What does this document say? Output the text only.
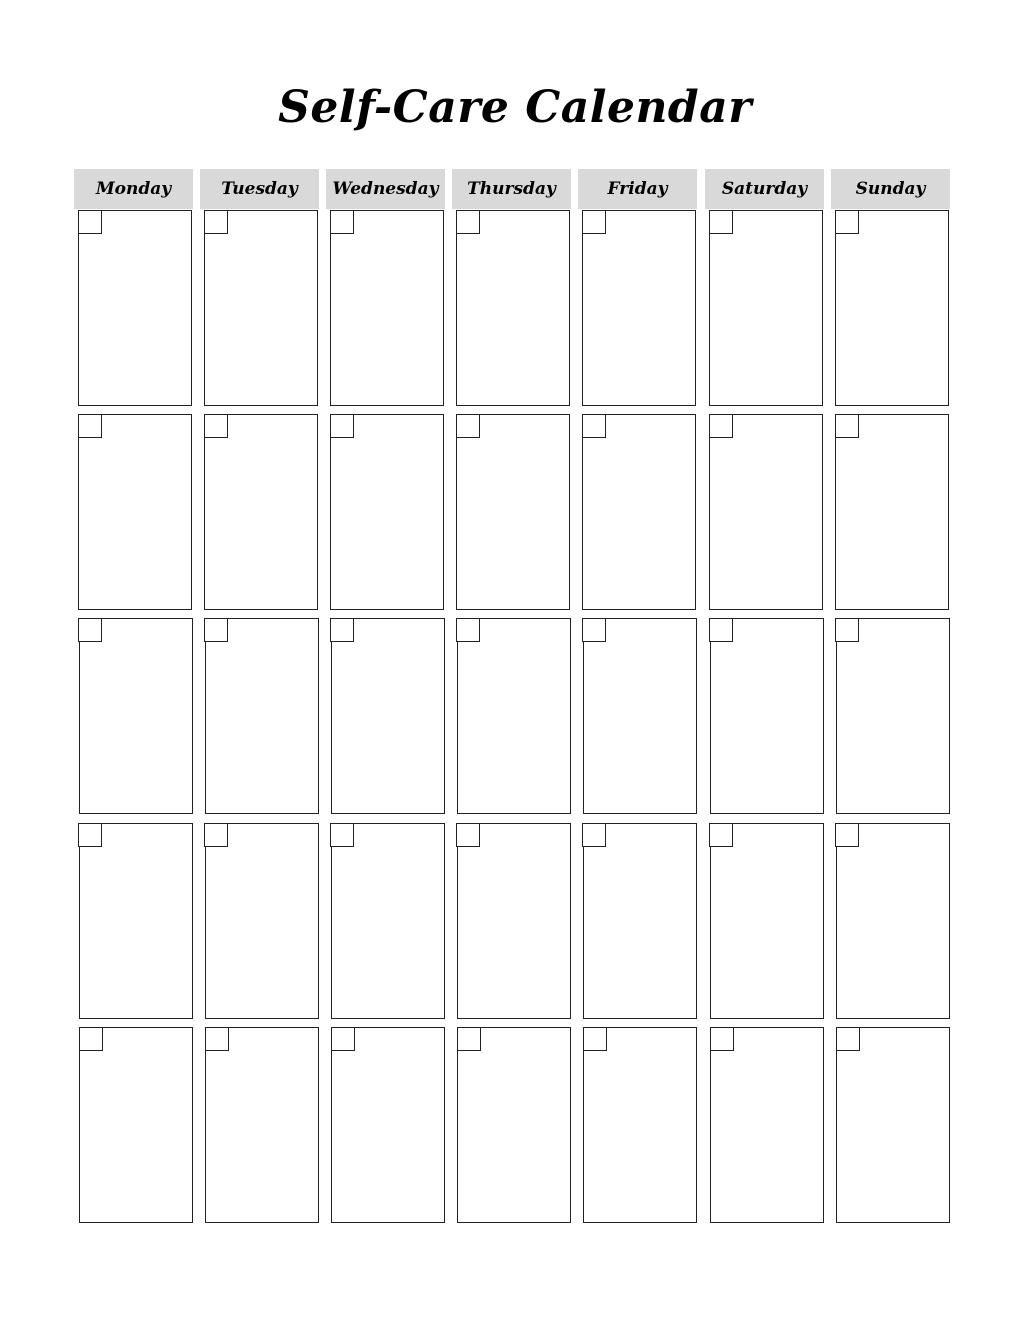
Self-Care Calendar
Monday	Tuesday	Wednesday	Thursday	Friday	Saturday	Sunday
